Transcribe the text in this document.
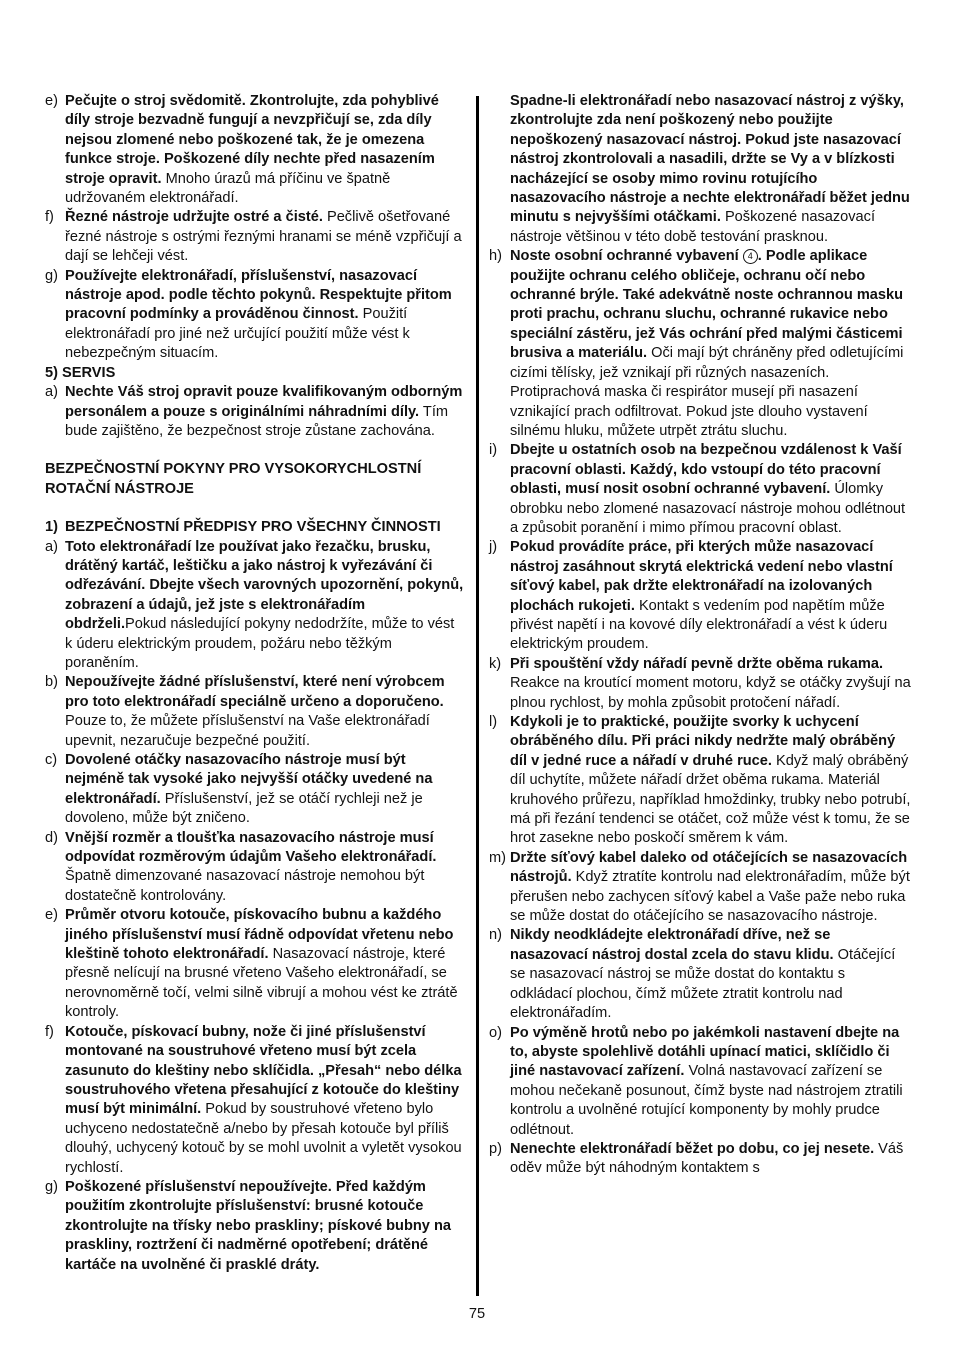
e) Pečujte o stroj svědomitě. Zkontrolujte, zda pohyblivé díly stroje bezvadně fungují a nevzpřičují se, zda díly nejsou zlomené nebo poškozené tak, že je omezena funkce stroje. Poškozené díly nechte před nasazením stroje opravit. Mnoho úrazů má příčinu ve špatně udržovaném elektronářadí.
f) Řezné nástroje udržujte ostré a čisté. Pečlivě ošetřované řezné nástroje s ostrými řeznými hranami se méně vzpřičují a dají se lehčeji vést.
g) Používejte elektronářadí, příslušenství, nasazovací nástroje apod. podle těchto pokynů. Respektujte přitom pracovní podmínky a prováděnou činnost. Použití elektronářadí pro jiné než určující použití může vést k nebezpečným situacím.
5) SERVIS
a) Nechte Váš stroj opravit pouze kvalifikovaným odborným personálem a pouze s originálními náhradními díly. Tím bude zajištěno, že bezpečnost stroje zůstane zachována.
BEZPEČNOSTNÍ POKYNY PRO VYSOKORYCHLOSTNÍ ROTAČNÍ NÁSTROJE
1) BEZPEČNOSTNÍ PŘEDPISY PRO VŠECHNY ČINNOSTI
a) Toto elektronářadí lze používat jako řezačku, brusku, drátěný kartáč, leštičku a jako nástroj k vyřezávání či odřezávání. Dbejte všech varovných upozornění, pokynů, zobrazení a údajů, jež jste s elektronářadím obdrželi.Pokud následující pokyny nedodržíte, může to vést k úderu elektrickým proudem, požáru nebo těžkým poraněním.
b) Nepoužívejte žádné příslušenství, které není výrobcem pro toto elektronářadí speciálně určeno a doporučeno. Pouze to, že můžete příslušenství na Vaše elektronářadí upevnit, nezaručuje bezpečné použití.
c) Dovolené otáčky nasazovacího nástroje musí být nejméně tak vysoké jako nejvyšší otáčky uvedené na elektronářadí. Příslušenství, jež se otáčí rychleji než je dovoleno, může být zničeno.
d) Vnější rozměr a tloušťka nasazovacího nástroje musí odpovídat rozměrovým údajům Vašeho elektronářadí. Špatně dimenzované nasazovací nástroje nemohou být dostatečně kontrolovány.
e) Průměr otvoru kotouče, pískovacího bubnu a každého jiného příslušenství musí řádně odpovídat vřetenu nebo kleštině tohoto elektronářadí. Nasazovací nástroje, které přesně nelícují na brusné vřeteno Vašeho elektronářadí, se nerovnoměrně točí, velmi silně vibrují a mohou vést ke ztrátě kontroly.
f) Kotouče, pískovací bubny, nože či jiné příslušenství montované na soustruhové vřeteno musí být zcela zasunuto do kleštiny nebo sklíčidla. „Přesah“ nebo délka soustruhového vřetena přesahující z kotouče do kleštiny musí být minimální. Pokud by soustruhové vřeteno bylo uchyceno nedostatečně a/nebo by přesah kotouče byl příliš dlouhý, uchycený kotouč by se mohl uvolnit a vyletět vysokou rychlostí.
g) Poškozené příslušenství nepoužívejte. Před každým použitím zkontrolujte příslušenství: brusné kotouče zkontrolujte na třísky nebo praskliny; pískové bubny na praskliny, roztržení či nadměrné opotřebení; drátěné kartáče na uvolněné či prasklé dráty.
Spadne-li elektronářadí nebo nasazovací nástroj z výšky, zkontrolujte zda není poškozený nebo použijte nepoškozený nasazovací nástroj. Pokud jste nasazovací nástroj zkontrolovali a nasadili, držte se Vy a v blízkosti nacházející se osoby mimo rovinu rotujícího nasazovacího nástroje a nechte elektronářadí běžet jednu minutu s nejvyššími otáčkami. Poškozené nasazovací nástroje většinou v této době testování prasknou.
h) Noste osobní ochranné vybavení 4 . Podle aplikace použijte ochranu celého obličeje, ochranu očí nebo ochranné brýle. Také adekvátně noste ochrannou masku proti prachu, ochranu sluchu, ochranné rukavice nebo speciální zástěru, jež Vás ochrání před malými částicemi brusiva a materiálu. Oči mají být chráněny před odletujícími cizími tělísky, jež vznikají při různých nasazeních. Protiprachová maska či respirátor musejí při nasazení vznikající prach odfiltrovat. Pokud jste dlouho vystavení silnému hluku, můžete utrpět ztrátu sluchu.
i) Dbejte u ostatních osob na bezpečnou vzdálenost k Vaší pracovní oblasti. Každý, kdo vstoupí do této pracovní oblasti, musí nosit osobní ochranné vybavení. Úlomky obrobku nebo zlomené nasazovací nástroje mohou odlétnout a způsobit poranění i mimo přímou pracovní oblast.
j) Pokud provádíte práce, při kterých může nasazovací nástroj zasáhnout skrytá elektrická vedení nebo vlastní síťový kabel, pak držte elektronářadí na izolovaných plochách rukojeti. Kontakt s vedením pod napětím může přivést napětí i na kovové díly elektronářadí a vést k úderu elektrickým proudem.
k) Při spouštění vždy nářadí pevně držte oběma rukama. Reakce na kroutící moment motoru, když se otáčky zvyšují na plnou rychlost, by mohla způsobit protočení nářadí.
l) Kdykoli je to praktické, použijte svorky k uchycení obráběného dílu. Při práci nikdy nedržte malý obráběný díl v jedné ruce a nářadí v druhé ruce. Když malý obráběný díl uchytíte, můžete nářadí držet oběma rukama. Materiál kruhového průřezu, například hmoždinky, trubky nebo potrubí, má při řezání tendenci se otáčet, což může vést k tomu, že se hrot zasekne nebo poskočí směrem k vám.
m) Držte síťový kabel daleko od otáčejících se nasazovacích nástrojů. Když ztratíte kontrolu nad elektronářadím, může být přerušen nebo zachycen síťový kabel a Vaše paže nebo ruka se může dostat do otáčejícího se nasazovacího nástroje.
n) Nikdy neodkládejte elektronářadí dříve, než se nasazovací nástroj dostal zcela do stavu klidu. Otáčející se nasazovací nástroj se může dostat do kontaktu s odkládací plochou, čímž můžete ztratit kontrolu nad elektronářadím.
o) Po výměně hrotů nebo po jakémkoli nastavení dbejte na to, abyste spolehlivě dotáhli upínací matici, sklíčidlo či jiné nastavovací zařízení. Volná nastavovací zařízení se mohou nečekaně posunout, čímž byste nad nástrojem ztratili kontrolu a uvolněné rotující komponenty by mohly prudce odlétnout.
p) Nenechte elektronářadí běžet po dobu, co jej nesete. Váš oděv může být náhodným kontaktem s
75
